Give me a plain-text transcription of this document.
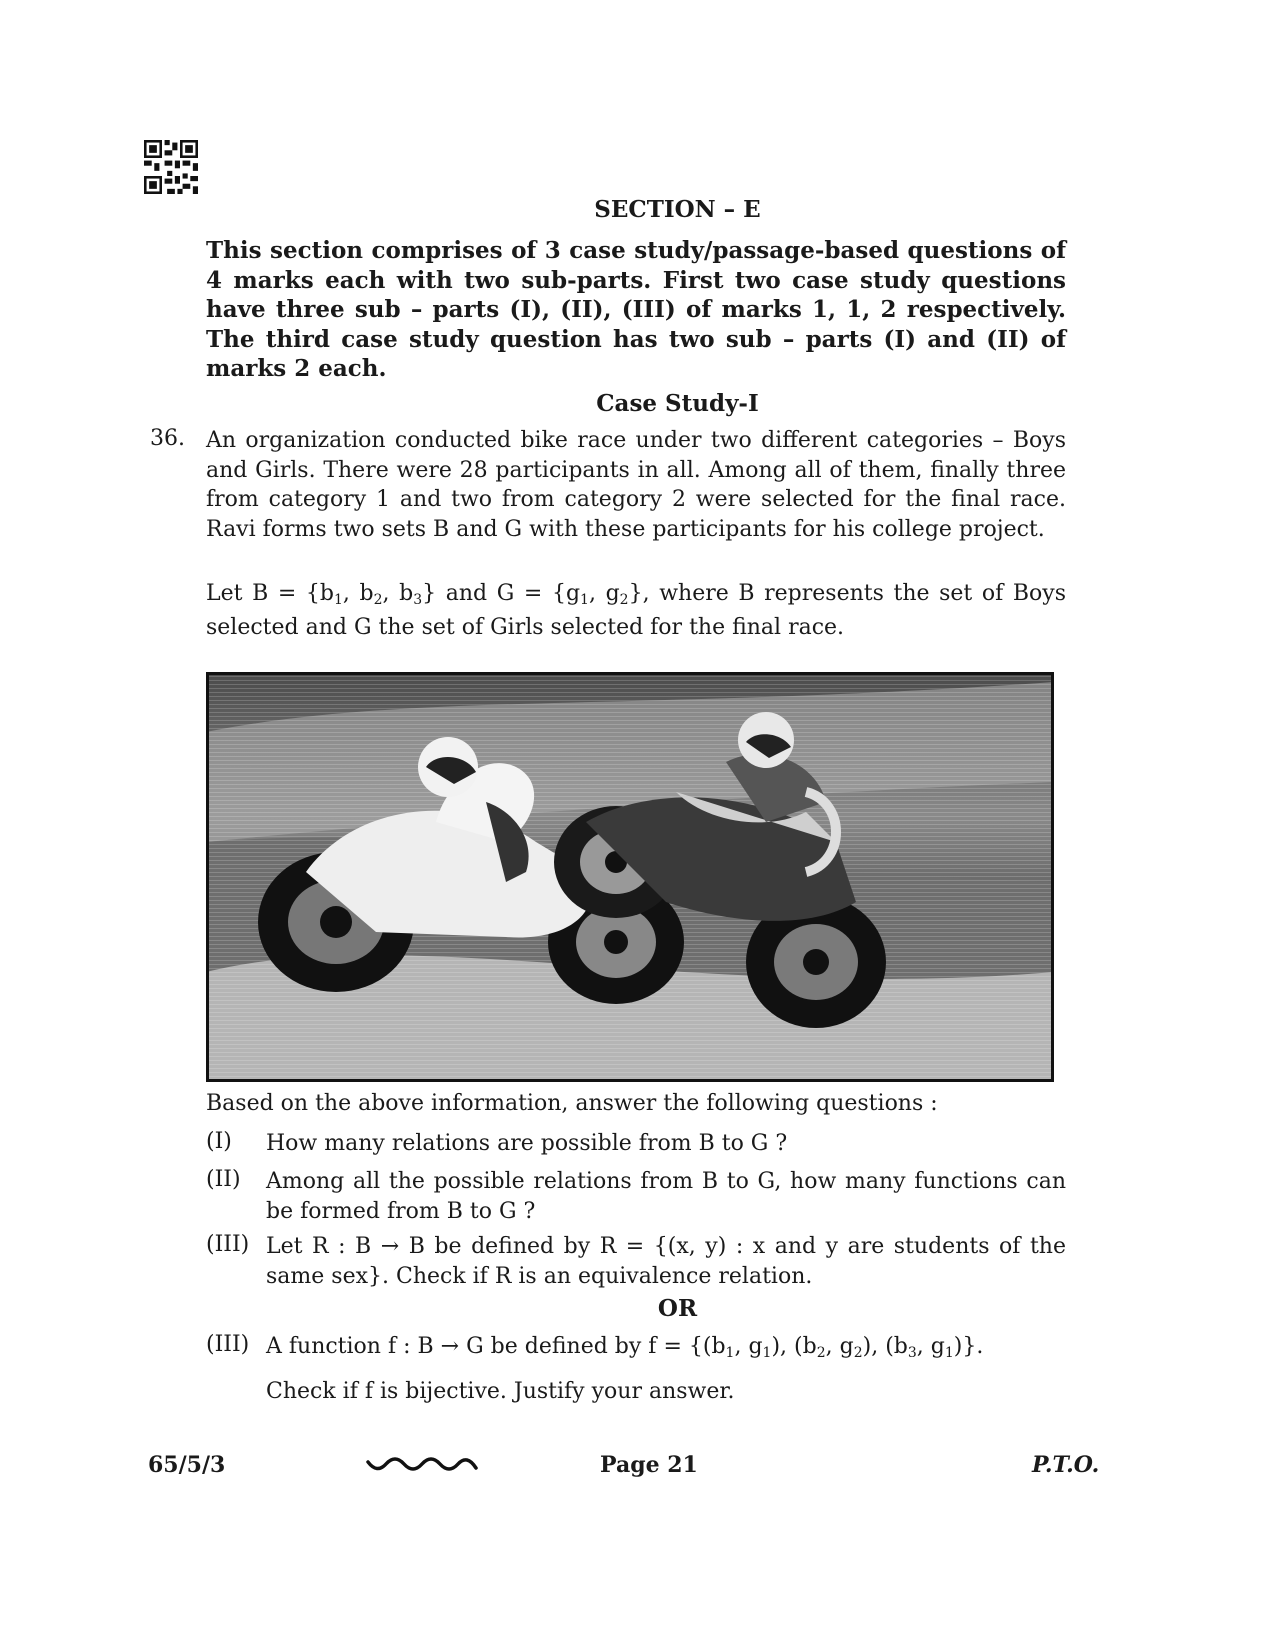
SECTION – E
This section comprises of 3 case study/passage-based questions of 4 marks each with two sub-parts. First two case study questions have three sub – parts (I), (II), (III) of marks 1, 1, 2 respectively. The third case study question has two sub – parts (I) and (II) of marks 2 each.
Case Study-I
36. An organization conducted bike race under two different categories – Boys and Girls. There were 28 participants in all. Among all of them, finally three from category 1 and two from category 2 were selected for the final race. Ravi forms two sets B and G with these participants for his college project.

Let $B = \{b_1$, $b_2$, $b_3$} and $G = \{g_1$, $g_2$}, where B represents the set of Boys selected and G the set of Girls selected for the final race.
Based on the above information, answer the following questions :
(I) How many relations are possible from B to G ?
(II) Among all the possible relations from B to G, how many functions can be formed from B to G ?
(III) Let R : B → B be defined by R = {(x, y) : x and y are students of the same sex}. Check if R is an equivalence relation.
OR
(III) A function f : B → G be defined by $f = \{(b_1$, $g_1$), ($b_2$, $g_2$), ($b_3$, $g_1$)}.
Check if f is bijective. Justify your answer.
65/5/3	Page 21	P.T.O.
